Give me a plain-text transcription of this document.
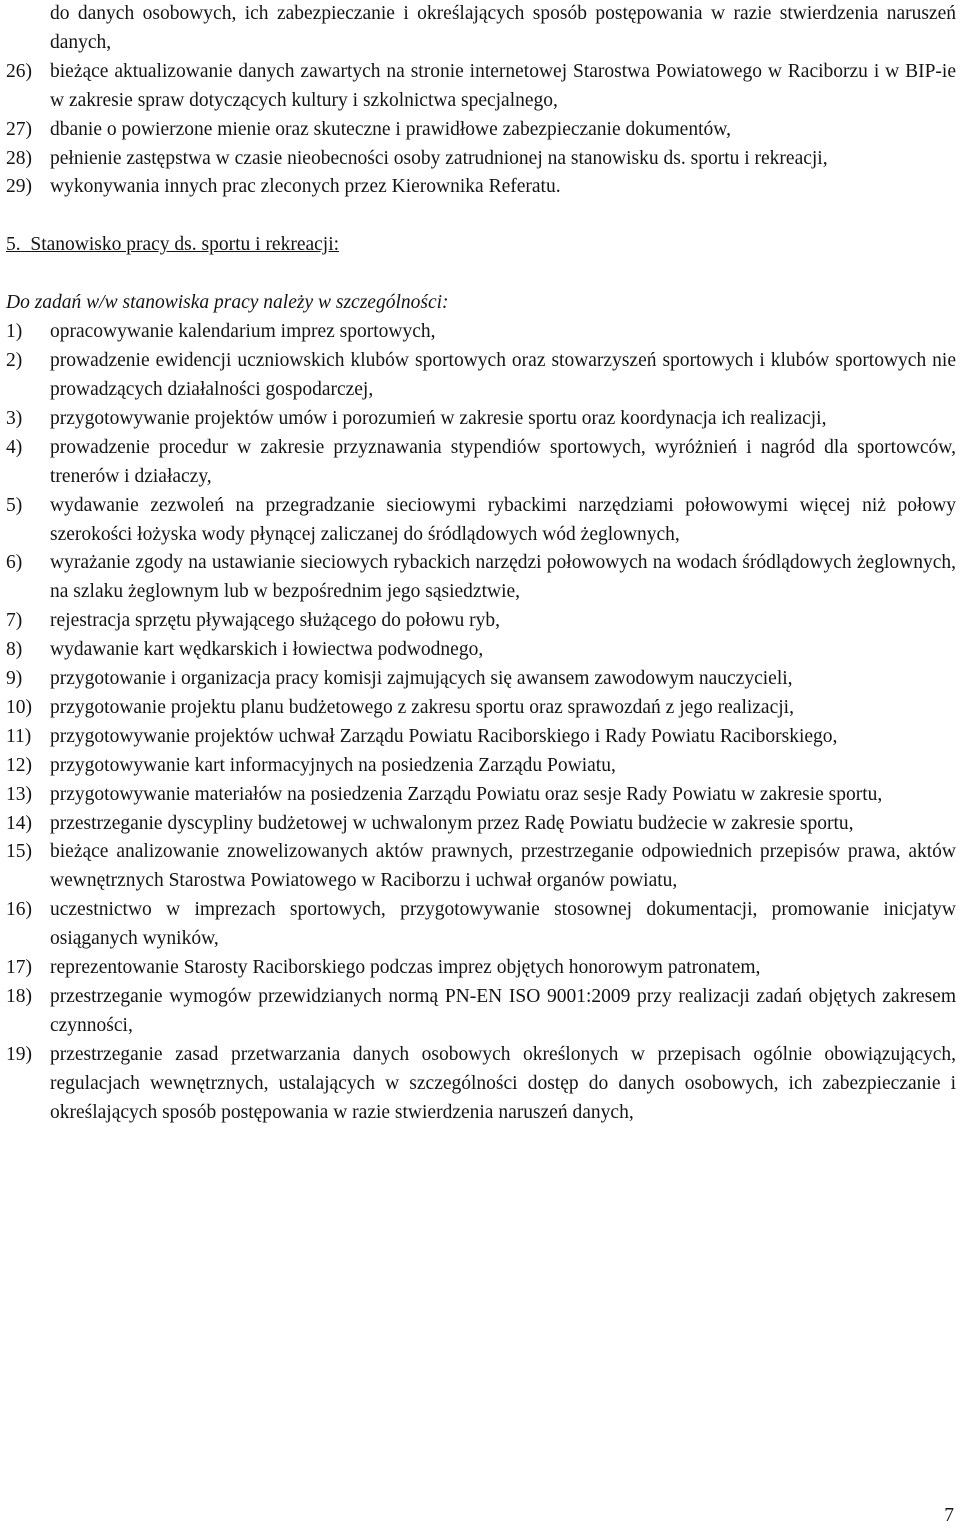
do danych osobowych, ich zabezpieczanie i określających sposób postępowania w razie stwierdzenia naruszeń danych,
26) bieżące aktualizowanie danych zawartych na stronie internetowej Starostwa Powiatowego w Raciborzu i w BIP-ie w zakresie spraw dotyczących kultury i szkolnictwa specjalnego,
27) dbanie o powierzone mienie oraz skuteczne i prawidłowe zabezpieczanie dokumentów,
28) pełnienie zastępstwa w czasie nieobecności osoby zatrudnionej na stanowisku ds. sportu i rekreacji,
29) wykonywania innych prac zleconych przez Kierownika Referatu.
5. Stanowisko pracy ds. sportu i rekreacji:
Do zadań w/w stanowiska pracy należy w szczególności:
1) opracowywanie kalendarium imprez sportowych,
2) prowadzenie ewidencji uczniowskich klubów sportowych oraz stowarzyszeń sportowych i klubów sportowych nie prowadzących działalności gospodarczej,
3) przygotowywanie projektów umów i porozumień w zakresie sportu oraz koordynacja ich realizacji,
4) prowadzenie procedur w zakresie przyznawania stypendiów sportowych, wyróżnień i nagród dla sportowców, trenerów i działaczy,
5) wydawanie zezwoleń na przegradzanie sieciowymi rybackimi narzędziami połowowymi więcej niż połowy szerokości łożyska wody płynącej zaliczanej do śródlądowych wód żeglownych,
6) wyrażanie zgody na ustawianie sieciowych rybackich narzędzi połowowych na wodach śródlądowych żeglownych, na szlaku żeglownym lub w bezpośrednim jego sąsiedztwie,
7) rejestracja sprzętu pływającego służącego do połowu ryb,
8) wydawanie kart wędkarskich i łowiectwa podwodnego,
9) przygotowanie i organizacja pracy komisji zajmujących się awansem zawodowym nauczycieli,
10) przygotowanie projektu planu budżetowego z zakresu sportu oraz sprawozdań z jego realizacji,
11) przygotowywanie projektów uchwał Zarządu Powiatu Raciborskiego i Rady Powiatu Raciborskiego,
12) przygotowywanie kart informacyjnych na posiedzenia Zarządu Powiatu,
13) przygotowywanie materiałów na posiedzenia Zarządu Powiatu oraz sesje Rady Powiatu w zakresie sportu,
14) przestrzeganie dyscypliny budżetowej w uchwalonym przez Radę Powiatu budżecie w zakresie sportu,
15) bieżące analizowanie znowelizowanych aktów prawnych, przestrzeganie odpowiednich przepisów prawa, aktów wewnętrznych Starostwa Powiatowego w Raciborzu i uchwał organów powiatu,
16) uczestnictwo w imprezach sportowych, przygotowywanie stosownej dokumentacji, promowanie inicjatyw osiąganych wyników,
17) reprezentowanie Starosty Raciborskiego podczas imprez objętych honorowym patronatem,
18) przestrzeganie wymogów przewidzianych normą PN-EN ISO 9001:2009 przy realizacji zadań objętych zakresem czynności,
19) przestrzeganie zasad przetwarzania danych osobowych określonych w przepisach ogólnie obowiązujących, regulacjach wewnętrznych, ustalających w szczególności dostęp do danych osobowych, ich zabezpieczanie i określających sposób postępowania w razie stwierdzenia naruszeń danych,
7
